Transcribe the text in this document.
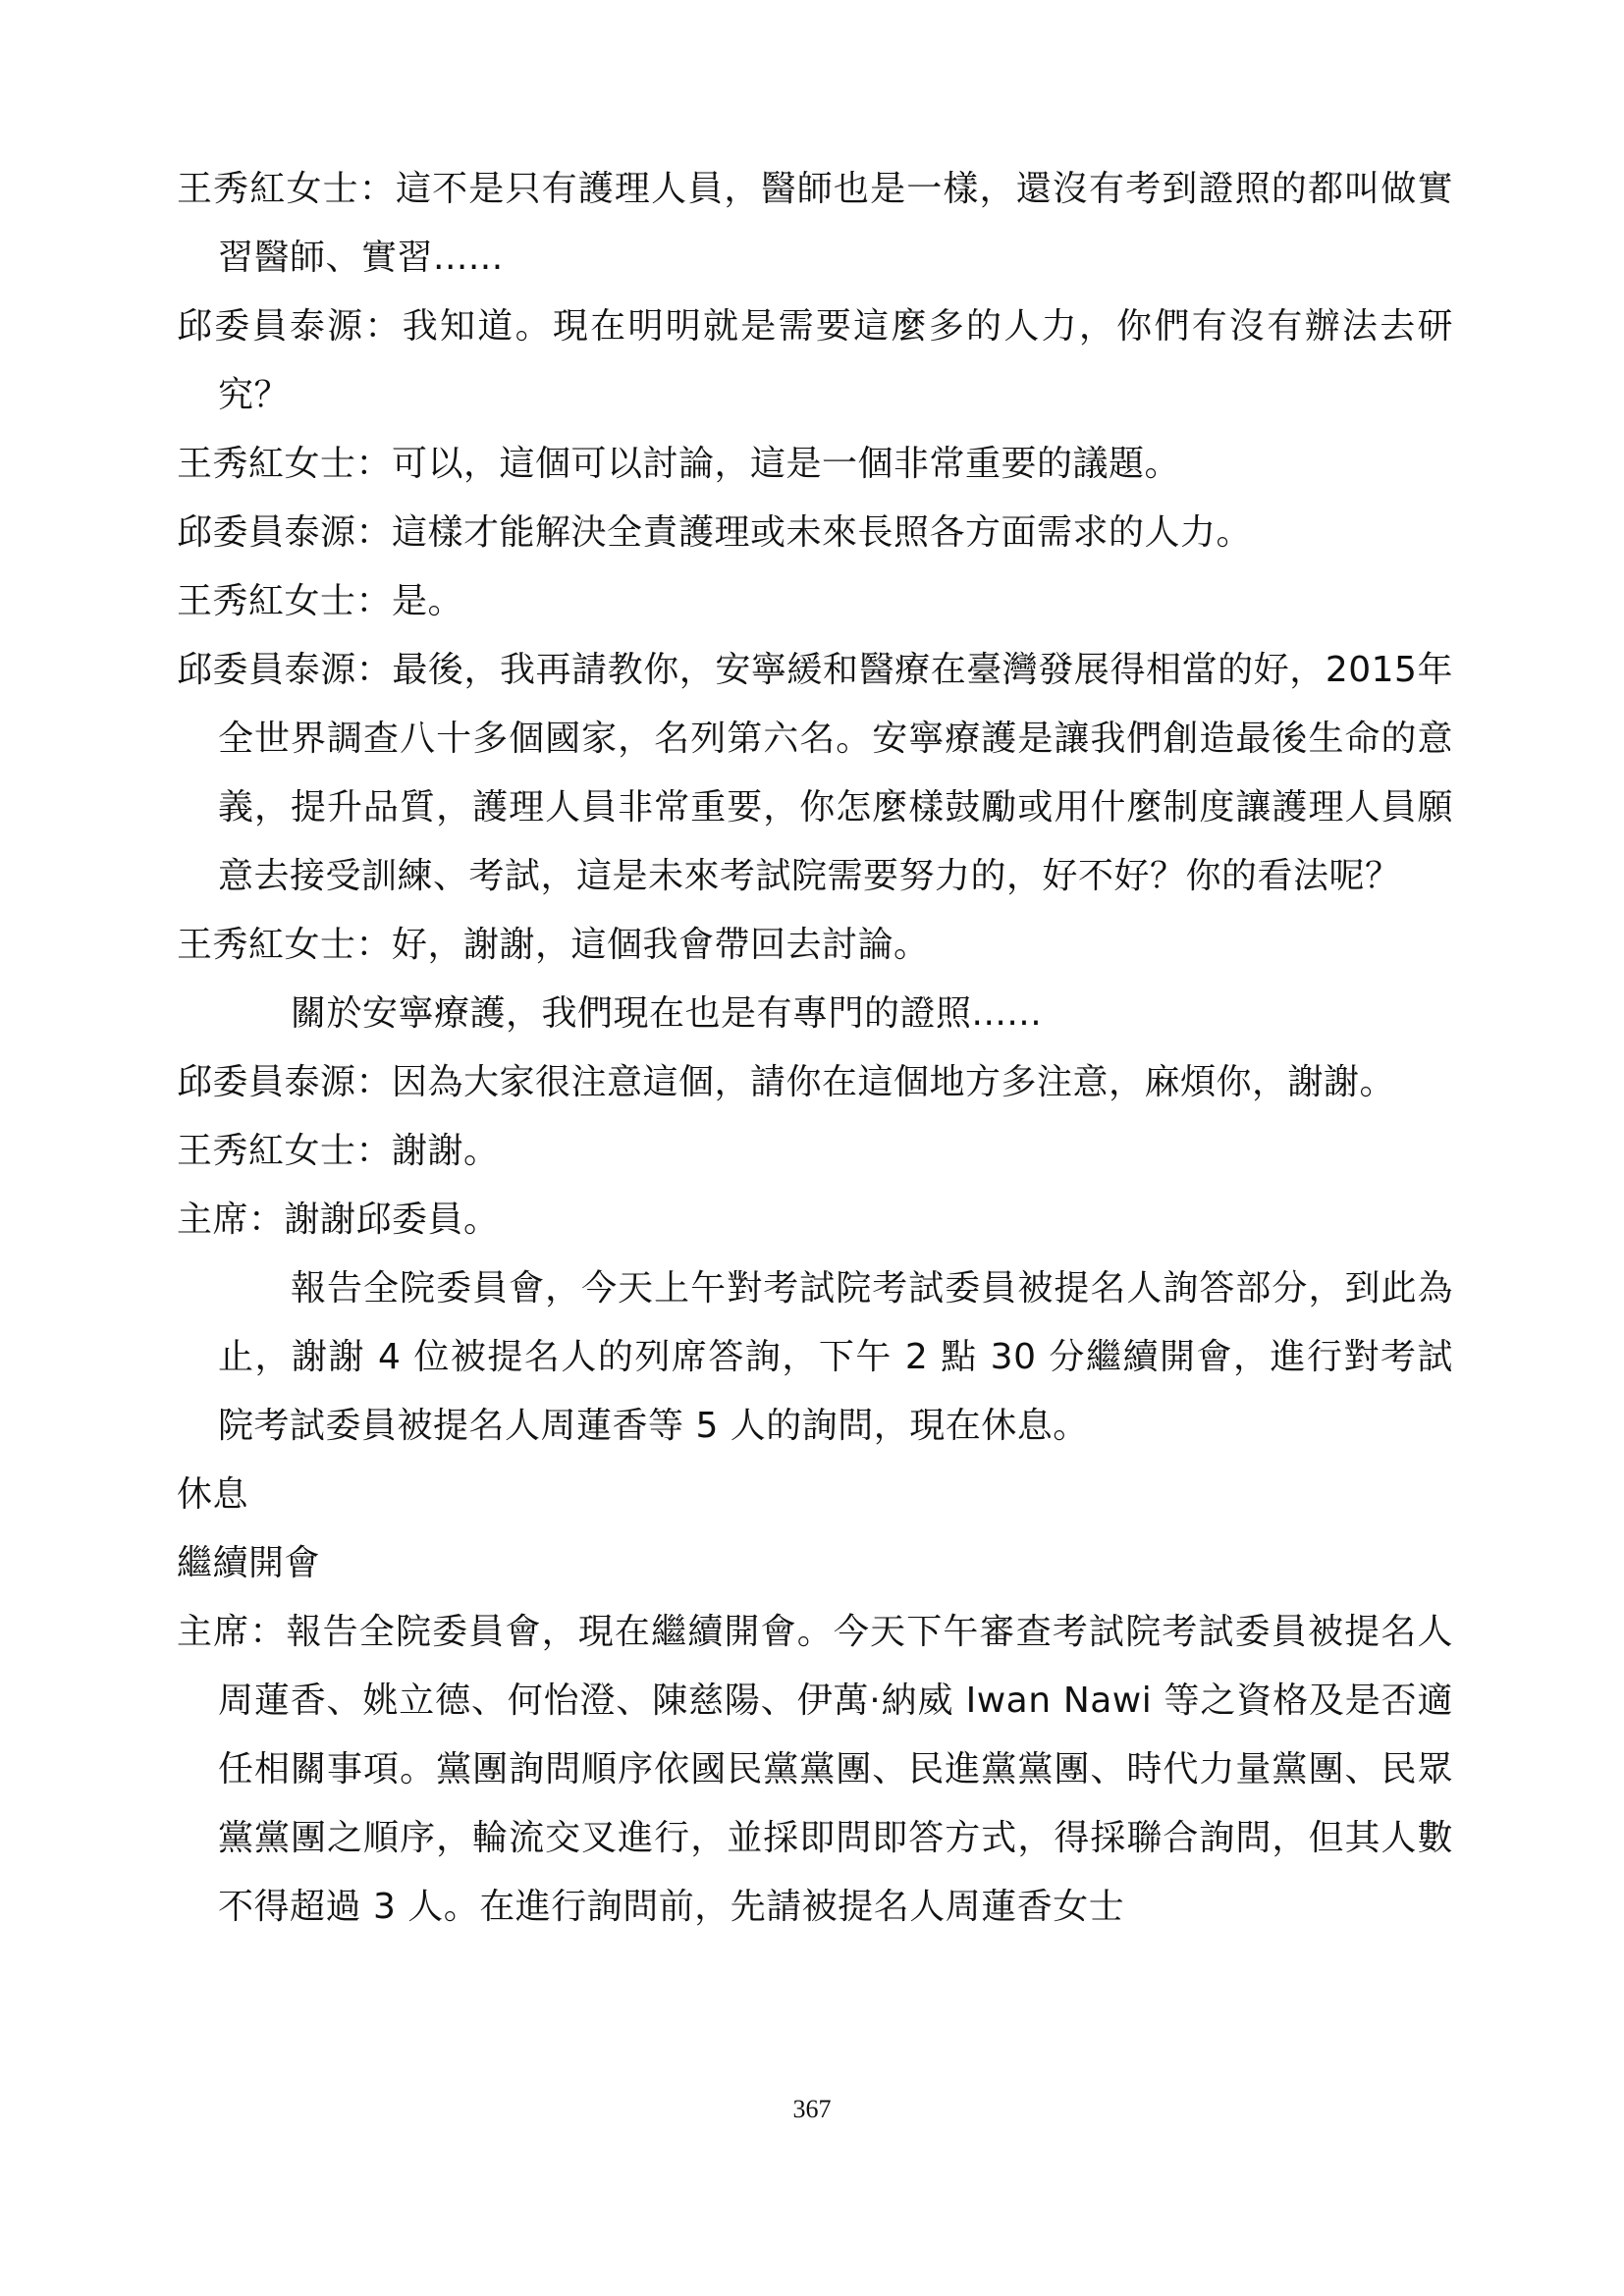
王秀紅女士：這不是只有護理人員，醫師也是一樣，還沒有考到證照的都叫做實習醫師、實習......

邱委員泰源：我知道。現在明明就是需要這麼多的人力，你們有沒有辦法去研究？

王秀紅女士：可以，這個可以討論，這是一個非常重要的議題。

邱委員泰源：這樣才能解決全責護理或未來長照各方面需求的人力。

王秀紅女士：是。

邱委員泰源：最後，我再請教你，安寧緩和醫療在臺灣發展得相當的好，2015年全世界調查八十多個國家，名列第六名。安寧療護是讓我們創造最後生命的意義，提升品質，護理人員非常重要，你怎麼樣鼓勵或用什麼制度讓護理人員願意去接受訓練、考試，這是未來考試院需要努力的，好不好？你的看法呢？

王秀紅女士：好，謝謝，這個我會帶回去討論。

關於安寧療護，我們現在也是有專門的證照......

邱委員泰源：因為大家很注意這個，請你在這個地方多注意，麻煩你，謝謝。

王秀紅女士：謝謝。

主席：謝謝邱委員。

報告全院委員會，今天上午對考試院考試委員被提名人詢答部分，到此為止，謝謝 4 位被提名人的列席答詢，下午 2 點 30 分繼續開會，進行對考試院考試委員被提名人周蓮香等 5 人的詢問，現在休息。

休息

繼續開會

主席：報告全院委員會，現在繼續開會。今天下午審查考試院考試委員被提名人周蓮香、姚立德、何怡澄、陳慈陽、伊萬·納威 Iwan Nawi 等之資格及是否適任相關事項。黨團詢問順序依國民黨黨團、民進黨黨團、時代力量黨團、民眾黨黨團之順序，輪流交叉進行，並採即問即答方式，得採聯合詢問，但其人數不得超過 3 人。在進行詢問前，先請被提名人周蓮香女士

367
